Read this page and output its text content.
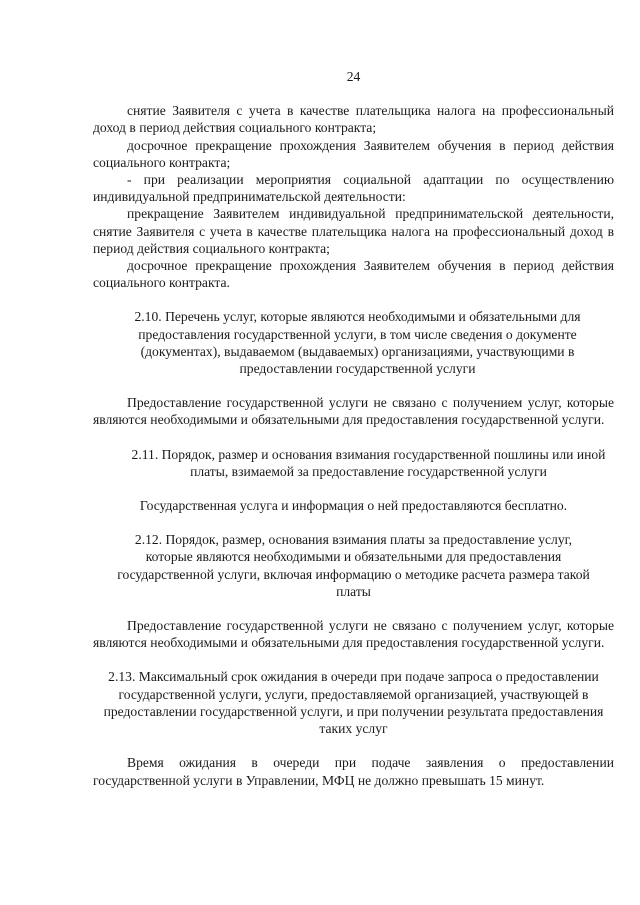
24

снятие Заявителя с учета в качестве плательщика налога на профессиональный доход в период действия социального контракта;

досрочное прекращение прохождения Заявителем обучения в период действия социального контракта;

- при реализации мероприятия социальной адаптации по осуществлению индивидуальной предпринимательской деятельности:

прекращение Заявителем индивидуальной предпринимательской деятельности, снятие Заявителя с учета в качестве плательщика налога на профессиональный доход в период действия социального контракта;

досрочное прекращение прохождения Заявителем обучения в период действия социального контракта.

2.10. Перечень услуг, которые являются необходимыми и обязательными для предоставления государственной услуги, в том числе сведения о документе (документах), выдаваемом (выдаваемых) организациями, участвующими в предоставлении государственной услуги

Предоставление государственной услуги не связано с получением услуг, которые являются необходимыми и обязательными для предоставления государственной услуги.

2.11. Порядок, размер и основания взимания государственной пошлины или иной платы, взимаемой за предоставление государственной услуги

Государственная услуга и информация о ней предоставляются бесплатно.

2.12. Порядок, размер, основания взимания платы за предоставление услуг, которые являются необходимыми и обязательными для предоставления государственной услуги, включая информацию о методике расчета размера такой платы

Предоставление государственной услуги не связано с получением услуг, которые являются необходимыми и обязательными для предоставления государственной услуги.

2.13. Максимальный срок ожидания в очереди при подаче запроса о предоставлении государственной услуги, услуги, предоставляемой организацией, участвующей в предоставлении государственной услуги, и при получении результата предоставления таких услуг

Время ожидания в очереди при подаче заявления о предоставлении государственной услуги в Управлении, МФЦ не должно превышать 15 минут.
